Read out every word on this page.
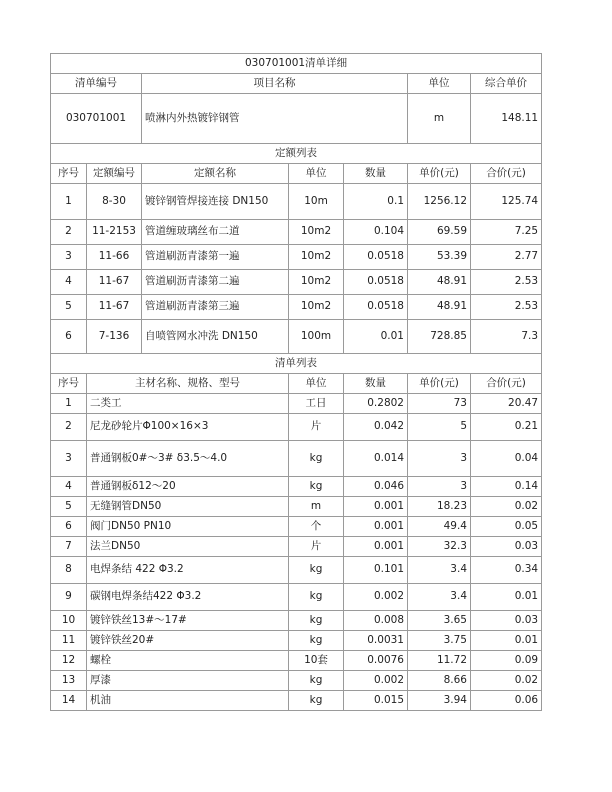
030701001清单详细						
清单编号		项目名称			单位	综合单价
030701001		喷淋内外热镀锌钢管			m	148.11
定额列表						
序号	定额编号	定额名称	单位	数量	单价(元)	合价(元)
1	8-30	镀锌钢管焊接连接 DN150	10m	0.1	1256.12	125.74
2	11-2153	管道缠玻璃丝布二道	10m2	0.104	69.59	7.25
3	11-66	管道刷沥青漆第一遍	10m2	0.0518	53.39	2.77
4	11-67	管道刷沥青漆第二遍	10m2	0.0518	48.91	2.53
5	11-67	管道刷沥青漆第三遍	10m2	0.0518	48.91	2.53
6	7-136	自喷管网水冲洗 DN150	100m	0.01	728.85	7.3
清单列表						
序号	主材名称、规格、型号		单位	数量	单价(元)	合价(元)
1	二类工		工日	0.2802	73	20.47
2	尼龙砂轮片Φ100×16×3		片	0.042	5	0.21
3	普通钢板0#～3# δ3.5～4.0		kg	0.014	3	0.04
4	普通钢板δ12～20		kg	0.046	3	0.14
5	无缝钢管DN50		m	0.001	18.23	0.02
6	阀门DN50 PN10		个	0.001	49.4	0.05
7	法兰DN50		片	0.001	32.3	0.03
8	电焊条结 422 Φ3.2		kg	0.101	3.4	0.34
9	碳钢电焊条结422 Φ3.2		kg	0.002	3.4	0.01
10	镀锌铁丝13#～17#		kg	0.008	3.65	0.03
11	镀锌铁丝20#		kg	0.0031	3.75	0.01
12	螺栓		10套	0.0076	11.72	0.09
13	厚漆		kg	0.002	8.66	0.02
14	机油		kg	0.015	3.94	0.06
